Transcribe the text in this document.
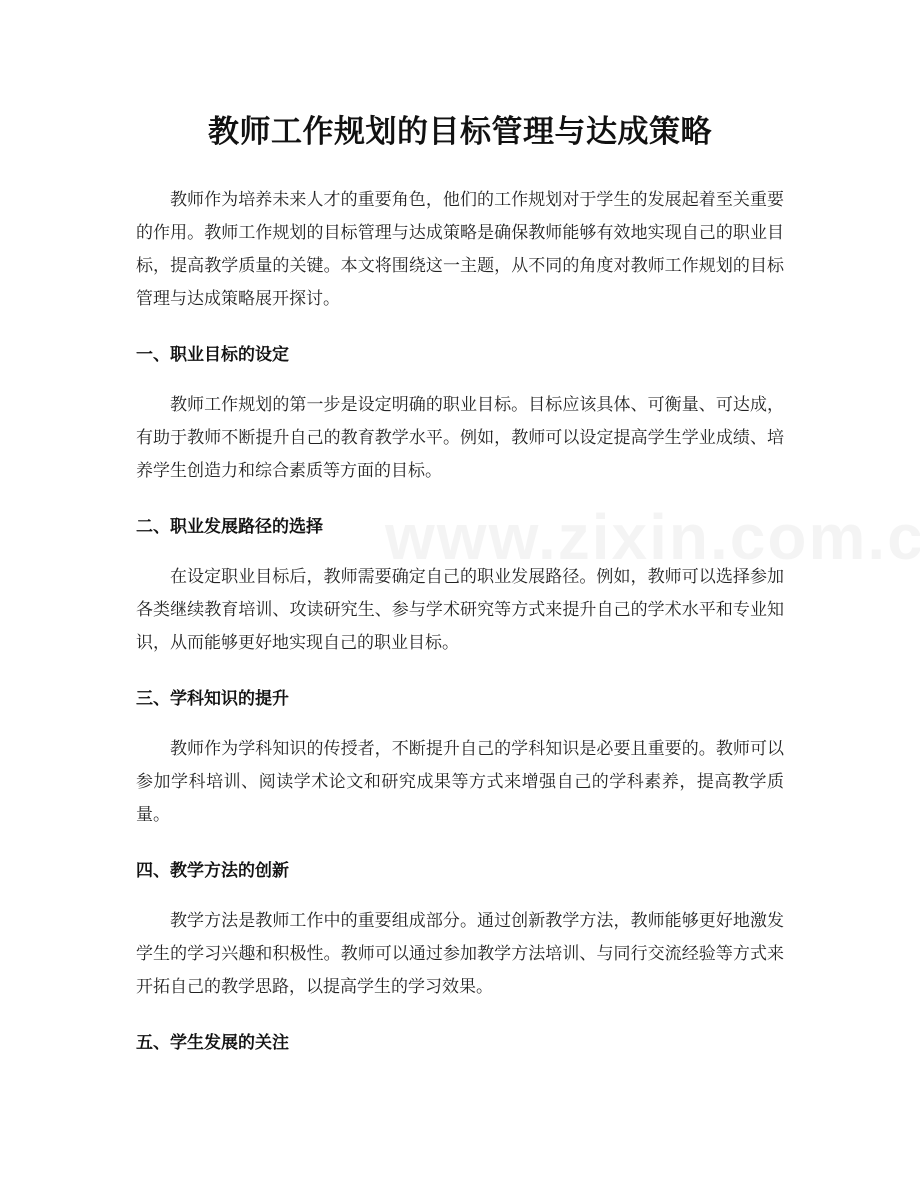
教师工作规划的目标管理与达成策略

教师作为培养未来人才的重要角色，他们的工作规划对于学生的发展起着至关重要的作用。教师工作规划的目标管理与达成策略是确保教师能够有效地实现自己的职业目标，提高教学质量的关键。本文将围绕这一主题，从不同的角度对教师工作规划的目标管理与达成策略展开探讨。

一、职业目标的设定

教师工作规划的第一步是设定明确的职业目标。目标应该具体、可衡量、可达成，有助于教师不断提升自己的教育教学水平。例如，教师可以设定提高学生学业成绩、培养学生创造力和综合素质等方面的目标。

二、职业发展路径的选择

在设定职业目标后，教师需要确定自己的职业发展路径。例如，教师可以选择参加各类继续教育培训、攻读研究生、参与学术研究等方式来提升自己的学术水平和专业知识，从而能够更好地实现自己的职业目标。

三、学科知识的提升

教师作为学科知识的传授者，不断提升自己的学科知识是必要且重要的。教师可以参加学科培训、阅读学术论文和研究成果等方式来增强自己的学科素养，提高教学质量。

四、教学方法的创新

教学方法是教师工作中的重要组成部分。通过创新教学方法，教师能够更好地激发学生的学习兴趣和积极性。教师可以通过参加教学方法培训、与同行交流经验等方式来开拓自己的教学思路，以提高学生的学习效果。

五、学生发展的关注
